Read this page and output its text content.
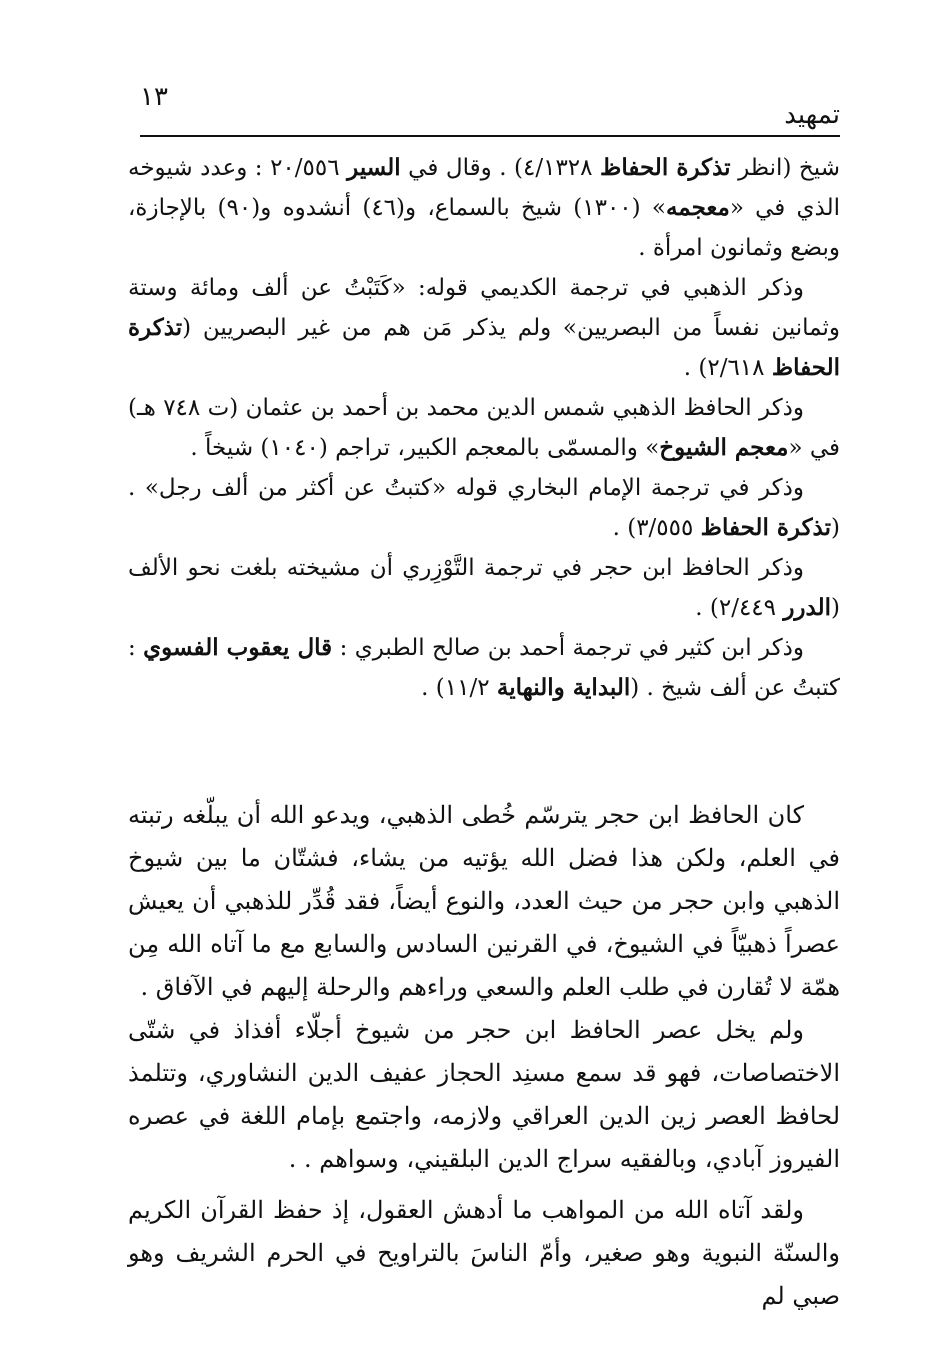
١٣
تمهيد

شيخ (انظر تذكرة الحفاظ ٤/١٣٢٨) . وقال في السير ٢٠/٥٥٦ : وعدد شيوخه الذي في «معجمه» (١٣٠٠) شيخ بالسماع، و(٤٦) أنشدوه و(٩٠) بالإجازة، وبضع وثمانون امرأة .

وذكر الذهبي في ترجمة الكديمي قوله: «كَتَبْتُ عن ألف ومائة وستة وثمانين نفساً من البصريين» ولم يذكر مَن هم من غير البصريين (تذكرة الحفاظ ٢/٦١٨) .

وذكر الحافظ الذهبي شمس الدين محمد بن أحمد بن عثمان (ت ٧٤٨ هـ) في «معجم الشيوخ» والمسمّى بالمعجم الكبير، تراجم (١٠٤٠) شيخاً .

وذكر في ترجمة الإمام البخاري قوله «كتبتُ عن أكثر من ألف رجل» . (تذكرة الحفاظ ٣/٥٥٥) .

وذكر الحافظ ابن حجر في ترجمة التَّوْزِري أن مشيخته بلغت نحو الألف (الدرر ٢/٤٤٩) .

وذكر ابن كثير في ترجمة أحمد بن صالح الطبري : قال يعقوب الفسوي : كتبتُ عن ألف شيخ . (البداية والنهاية ١١/٢) .

كان الحافظ ابن حجر يترسّم خُطى الذهبي، ويدعو الله أن يبلّغه رتبته في العلم، ولكن هذا فضل الله يؤتيه من يشاء، فشتّان ما بين شيوخ الذهبي وابن حجر من حيث العدد، والنوع أيضاً، فقد قُدِّر للذهبي أن يعيش عصراً ذهبيّاً في الشيوخ، في القرنين السادس والسابع مع ما آتاه الله مِن همّة لا تُقارن في طلب العلم والسعي وراءهم والرحلة إليهم في الآفاق .

ولم يخل عصر الحافظ ابن حجر من شيوخ أجلّاء أفذاذ في شتّى الاختصاصات، فهو قد سمع مسنِد الحجاز عفيف الدين النشاوري، وتتلمذ لحافظ العصر زين الدين العراقي ولازمه، واجتمع بإمام اللغة في عصره الفيروز آبادي، وبالفقيه سراج الدين البلقيني، وسواهم . .

ولقد آتاه الله من المواهب ما أدهش العقول، إذ حفظ القرآن الكريم والسنّة النبوية وهو صغير، وأمّ الناسَ بالتراويح في الحرم الشريف وهو صبي لم
